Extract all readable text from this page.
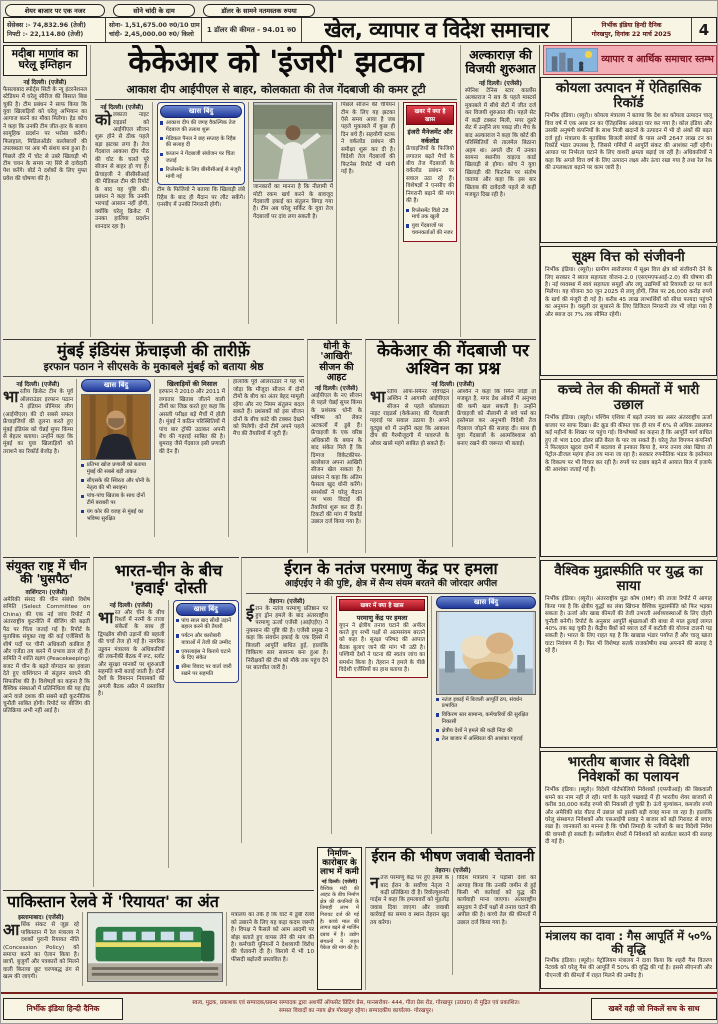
शेयर बाजार पर एक नजर	सोने चांदी के दाम	डॉलर के सामने नतमस्तक रुपया
सेंसेक्स :- 74,832.96 (तेजी)
निफ्टी :- 22,114.80 (तेजी)
सोना- 1,51,675.00 रु0/10 ग्राम
चांदी- 2,45,000.00 रु0/ किलो
1 डॉलर की कीमत - 94.01 रु0	खेल, व्यापार व विदेश समाचार	निर्भीक इंडिया हिन्दी दैनिक
गोरखपुर, दिनांक 22 मार्च 2025	4
मदीबा माणांव का घरेलू इम्तिहान
नई दिल्ली। (एजेंसी)
फैसलाबाद स्पोर्ट्स सिटी के न्यू इंटरनेशनल स्टेडियम में घरेलू सीरीज की बिसात बिछ चुकी है। टीम प्रबंधन ने साफ किया कि युवा खिलाड़ियों को घरेलू अभियान का आगाज करने का मौका मिलेगा। हेड कोच ने कहा कि उनकी टीम जीत-हार के बजाय सामूहिक प्रदर्शन पर भरोसा करेगी। फिलहाल, मिडिलऑर्डर बल्लेबाजों की उपलब्धता पर अब भी संशय बना हुआ है। पिछले दौरे में चोट से उबरे खिलाड़ी भी टीम चयन के समय नए सिरे से दावेदारी पेश करेंगे। बोर्ड ने दर्शकों के लिए मुफ्त प्रवेश की घोषणा की है।
केकेआर को 'इंजरी' झटका
आकाश दीप आईपीएल से बाहर, कोलकाता की तेज गेंदबाजी की कमर टूटी
नई दिल्ली। (एजेंसी)
कोलकाता नाइट राइडर्स को आईपीएल सीजन शुरू होने से ठीक पहले बड़ा झटका लगा है। तेज गेंदबाज आकाश दीप पीठ की चोट के चलते पूरे सीजन से बाहर हो गए हैं। फ्रेंचाइजी ने बीसीसीआई की मेडिकल टीम की रिपोर्ट के बाद यह पुष्टि की। प्रबंधन ने कहा कि उनकी भरपाई आसान नहीं होगी, क्योंकि घरेलू क्रिकेट में उनका हालिया प्रदर्शन शानदार रहा है।
खास बिंदु
आकाश दीप की जगह वैकल्पिक तेज गेंदबाज की तलाश शुरू
मेडिकल पैनल ने छह सप्ताह के रिहैब की सलाह दी
कप्तान ने गेंदबाजी संयोजन पर चिंता जताई
रिप्लेसमेंट के लिए बीसीसीआई से मंजूरी मांगी गई
टीम के फिजियो ने बताया कि खिलाड़ी लंबे रिहैब के बाद ही मैदान पर लौट सकेंगे। एनसीए में उनकी निगरानी होगी।
जानकारों का मानना है कि नीलामी में मोटी रकम खर्च करने के बावजूद गेंदबाजी इकाई का संतुलन बिगड़ गया है। टीम अब घरेलू सर्किट के युवा तेज गेंदबाजों पर दांव लगा सकती है।
पिछले सीजन की चैंपियन टीम के लिए यह झटका ऐसे समय आया है जब पहले मुकाबले में कुछ ही दिन बचे हैं। सहयोगी स्टाफ ने वर्कलोड प्रबंधन की समीक्षा शुरू कर दी है। विदेशी तेज गेंदबाजों की फिटनेस रिपोर्ट भी मांगी गई है।
खबर में क्या है खास
इंजरी मैनेजमेंट और वर्कलोड
फ्रेंचाइजियों के फिजियो लगातार बढ़ते मैचों के बीच तेज गेंदबाजों के वर्कलोड प्रबंधन पर सवाल उठा रहे हैं। विशेषज्ञों ने एनसीए की निगरानी बढ़ाने की मांग की है।
रिप्लेसमेंट विंडो 28 मार्च तक खुली
युवा गेंदबाजों पर चयनकर्ताओं की नजर
अल्काराज़ की विजयी शुरुआत
नई दिल्ली। (एजेंसी)
स्पेनिश टेनिस स्टार कार्लोस अल्काराज ने सत्र के पहले मास्टर्स मुकाबले में सीधे सेटों में जीत दर्ज कर विजयी शुरुआत की। पहले सेट में कड़ी टक्कर मिली, मगर दूसरे सेट में उन्होंने लय पकड़ ली। मैच के बाद अल्काराज ने कहा कि कोर्ट की परिस्थितियों से तालमेल बिठाना अहम था। अगले दौर में उनका सामना स्थानीय वाइल्ड कार्ड खिलाड़ी से होगा। कोच ने युवा खिलाड़ी की फिटनेस पर संतोष जताया और कहा कि इस बार खिताब की दावेदारी पहले से कहीं मजबूत दिख रही है।
व्यापार व आर्थिक समाचार स्तम्भ
कोयला उत्पादन में ऐतिहासिक रिकॉर्ड
निर्भीक इंडिया। (ब्यूरो)। कोयला मंत्रालय ने बताया कि देश का कोयला उत्पादन चालू वित्त वर्ष में एक अरब टन का ऐतिहासिक आंकड़ा पार कर गया है। कोल इंडिया और उसकी अनुषंगी कंपनियों के साथ निजी खदानों के उत्पादन में भी दो अंकों की बढ़त दर्ज हुई। मंत्रालय के मुताबिक बिजली संयंत्रों के पास अभी 2647 लाख टन का रिकॉर्ड भंडार उपलब्ध है, जिससे गर्मियों में आपूर्ति संकट की आशंका नहीं रहेगी। आयात पर निर्भरता घटाने के लिए वाशरी क्षमता बढ़ाई जा रही है। अधिकारियों ने कहा कि अगले वित्त वर्ष के लिए उत्पादन लक्ष्य और ऊंचा रखा गया है तथा रेल रेक की उपलब्धता बढ़ाने पर काम जारी है।
सूक्ष्म वित्त को संजीवनी
निर्भीक इंडिया। (ब्यूरो)। ग्रामीण स्वरोजगार में सूक्ष्म वित्त क्षेत्र को संजीवनी देने के लिए सरकार ने ब्याज सहायता योजना-2.0 (एसएमएफआई-2.0) की घोषणा की है। नई व्यवस्था में स्वयं सहायता समूहों और लघु उद्यमियों को रियायती दर पर कर्ज मिलेगा। यह योजना 30 जून 2025 से लागू होगी, जिस पर 26,000 करोड़ रुपये के खर्च की मंजूरी दी गई है। करीब 45 लाख लाभार्थियों को सीधा फायदा पहुंचने का अनुमान है। वसूली दर सुधारने के लिए डिजिटल निगरानी तंत्र भी जोड़ा गया है और ब्याज दर 7% तक सीमित रहेगी।
कच्चे तेल की कीमतों में भारी उछाल
निर्भीक इंडिया। (ब्यूरो)। पश्चिम एशिया में बढ़ते तनाव का असर अंतरराष्ट्रीय ऊर्जा बाजार पर साफ दिखा। ब्रेंट क्रूड की कीमत एक ही सत्र में 6% से अधिक उछलकर कई महीनों के शिखर पर पहुंच गई। विश्लेषकों का कहना है कि आपूर्ति मार्ग बाधित हुए तो भाव 100 डॉलर प्रति बैरल के पार जा सकते हैं। घरेलू तेल विपणन कंपनियों ने फिलहाल खुदरा दामों में बदलाव से इनकार किया है, मगर तनाव लंबा खिंचा तो पेट्रोल-डीजल महंगा होना तय माना जा रहा है। सरकार रणनीतिक भंडार के इस्तेमाल के विकल्प पर भी विचार कर रही है। रुपये पर दबाव बढ़ने से आयात बिल में इजाफे की आशंका जताई गई है।
वैश्विक मुद्रास्फीति पर युद्ध का साया
निर्भीक इंडिया। (ब्यूरो)। अंतरराष्ट्रीय मुद्रा कोष (IMF) की ताजा रिपोर्ट में आगाह किया गया है कि क्षेत्रीय युद्धों का लंबा खिंचना वैश्विक मुद्रास्फीति को फिर भड़का सकता है। ऊर्जा और खाद्य कीमतों की तेजी उभरती अर्थव्यवस्थाओं के लिए दोहरी चुनौती बनेगी। रिपोर्ट के अनुसार आपूर्ति श्रृंखलाओं की बाधा से माल ढुलाई लागत 40% तक बढ़ चुकी है। केंद्रीय बैंकों को ब्याज दरों में कटौती की योजना टालनी पड़ सकती है। भारत के लिए राहत यह है कि खाद्यान्न भंडार पर्याप्त हैं और चालू खाता घाटा नियंत्रण में है। फिर भी विशेषज्ञ सतर्क राजकोषीय रुख अपनाने की सलाह दे रहे हैं।
भारतीय बाजार से विदेशी निवेशकों का पलायन
निर्भीक इंडिया। (ब्यूरो)। विदेशी पोर्टफोलियो निवेशकों (एफपीआई) की बिकवाली थमने का नाम नहीं ले रही। मार्च के पहले पखवाड़े में ही भारतीय शेयर बाजारों से करीब 30,000 करोड़ रुपये की निकासी हो चुकी है। ऊंचे मूल्यांकन, कमजोर रुपये और अमेरिकी बांड यील्ड में उछाल को इसकी बड़ी वजह माना जा रहा है। हालांकि घरेलू संस्थागत निवेशकों और एसआईपी प्रवाह ने बाजार को बड़ी गिरावट से बचाए रखा है। जानकारों का मानना है कि चौथी तिमाही के नतीजों के बाद विदेशी निवेश की वापसी हो सकती है। स्मॉलकैप शेयरों में निवेशकों को सतर्कता बरतने की सलाह दी गई है।
मंत्रालय का दावा : गैस आपूर्ति में ५०% की वृद्धि
निर्भीक इंडिया। (ब्यूरो)। पेट्रोलियम मंत्रालय ने दावा किया कि शहरी गैस वितरण नेटवर्क को घरेलू गैस की आपूर्ति में 50% की वृद्धि की गई है। इससे सीएनजी और पीएनजी की कीमतों में राहत मिलने की उम्मीद है।
मुंबई इंडियंस फ्रेंचाइजी की तारीफ़ें
इरफान पठान ने सीएसके के मुकाबले मुंबई को बताया श्रेष्ठ
नई दिल्ली। (एजेंसी)
भारतीय क्रिकेट टीम के पूर्व ऑलराउंडर इरफान पठान ने इंडियन प्रीमियर लीग (आईपीएल) की दो सबसे सफल फ्रेंचाइजियों की तुलना करते हुए मुंबई इंडियंस को चेन्नई सुपर किंग्स से बेहतर बताया। उन्होंने कहा कि मुंबई का युवा खिलाड़ियों को तराशने का रिकॉर्ड बेजोड़ है।
खास बिंदु
प्रतिभा खोज प्रणाली को बताया मुंबई की सबसे बड़ी ताकत
सीएसके की स्थिरता और धोनी के नेतृत्व की भी सराहना
पांच-पांच खिताब के साथ दोनों टीमें बराबरी पर
यंग कोर की वजह से मुंबई का भविष्य सुरक्षित
खिलाड़ियों की मिसाल
इरफान ने 2010 और 2011 में लगातार खिताब जीतने वाली टीमों का जिक्र करते हुए कहा कि असली परीक्षा बड़े मैचों में होती है। मुंबई ने कठिन परिस्थितियों में पांच बार ट्रॉफी उठाकर अपनी बेंच की गहराई साबित की है। बुमराह जैसे गेंदबाज इसी प्रणाली की देन हैं।
हालांकि पूर्व ऑलराउंडर ने यह भी जोड़ा कि मौजूदा सीजन में दोनों टीमों के बीच का अंतर बेहद मामूली रहेगा और नए नियम संतुलन बदल सकते हैं। प्रशंसकों को इस सीजन दोनों के बीच कांटे की टक्कर देखने को मिलेगी। दोनों टीमें अपने पहले मैच की तैयारियों में जुटी हैं।
धोनी के 'आखिरी' सीजन की आहट
नई दिल्ली। (एजेंसी)
आईपीएल के नए सीजन से पहले चेन्नई सुपर किंग्स के प्रशंसक धोनी के भविष्य को लेकर अटकलों में डूबे हैं। फ्रेंचाइजी के एक वरिष्ठ अधिकारी के बयान के बाद संकेत मिले हैं कि दिग्गज विकेटकीपर-बल्लेबाज अपना आखिरी सीजन खेल सकता है। प्रबंधन ने कहा कि अंतिम फैसला खुद धोनी करेंगे। समर्थकों ने घरेलू मैदान पर भव्य विदाई की तैयारियां शुरू कर दी हैं। टिकटों की मांग में रिकॉर्ड उछाल दर्ज किया गया है।
केकेआर की गेंदबाजी पर अश्विन का प्रश्न
नई दिल्ली। (एजेंसी)
भारतीय ऑफ-स्पिनर रविचंद्रन अश्विन ने आगामी आईपीएल सीजन से पहले कोलकाता नाइट राइडर्स (केकेआर) की गेंदबाजी गहराई पर सवाल उठाया है। अपने यूट्यूब शो में उन्होंने कहा कि आकाश दीप की गैरमौजूदगी में पावरप्ले के ओवर खासे महंगे साबित हो सकते हैं।
अश्विन ने कहा कि स्पिन जोड़ी तो मजबूत है, मगर डेथ ओवरों में अनुभव की कमी खल सकती है। उन्होंने फ्रेंचाइजी को नीलामी से बचे पर्स का इस्तेमाल कर अनुभवी विदेशी तेज गेंदबाज जोड़ने की सलाह दी। साथ ही युवा गेंदबाजों के आत्मविश्वास को बनाए रखने की जरूरत भी बताई।
संयुक्त राष्ट्र में चीन की 'घुसपैठ'
वाशिंगटन। (एजेंसी)
अमेरिकी संसद की चीन संबंधी विशेष समिति (Select Committee on China) की एक नई जांच रिपोर्ट में अंतरराष्ट्रीय कूटनीति में बीजिंग की बढ़ती पैठ पर चिंता जताई गई है। रिपोर्ट के मुताबिक संयुक्त राष्ट्र की कई एजेंसियों के शीर्ष पदों पर चीनी अधिकारी काबिज हैं और एजेंडा तय करने में प्रभाव डाल रहे हैं। समिति ने शांति रक्षण (Peacekeeping) बजट में चीन के बढ़ते योगदान का हवाला देते हुए वाशिंगटन से संतुलन साधने की सिफारिश की है। विशेषज्ञों का कहना है कि वैश्विक संस्थाओं में प्रतिनिधित्व की यह होड़ आने वाले दशक की सबसे बड़ी कूटनीतिक चुनौती साबित होगी। रिपोर्ट पर बीजिंग की प्रतिक्रिया अभी नहीं आई है।
भारत-चीन के बीच 'हवाई' दोस्ती
नई दिल्ली। (एजेंसी)
भारत और चीन के बीच रिश्तों में नरमी के ताजा संकेतों के साथ ही द्विपक्षीय सीधी उड़ानों की बहाली की चर्चा तेज हो गई है। नागरिक उड्डयन मंत्रालय के अधिकारियों की तकनीकी बैठक में रूट, स्लॉट और सुरक्षा मानकों पर शुरुआती सहमति बनी बताई जाती है। दोनों देशों के विमानन नियामकों की अगली बैठक अप्रैल में प्रस्तावित है।
खास बिंदु
पांच साल बाद सीधी उड़ानें बहाल करने की तैयारी
पर्यटन और कारोबारी यात्राओं में तेजी की उम्मीद
एयरलाइंस ने किराये घटाने के दिए संकेत
सीमा विवाद पर वार्ता जारी रखने पर सहमति
ईरान के नतंज परमाणु केंद्र पर हमला
आईएईए ने की पुष्टि, क्षेत्र में सैन्य संयम बरतने की जोरदार अपील
तेहरान। (एजेंसी)
ईरान के नतंज परमाणु प्रतिष्ठान पर हुए ड्रोन हमले के बाद अंतरराष्ट्रीय परमाणु ऊर्जा एजेंसी (आईएईए) ने नुकसान की पुष्टि की है। एजेंसी प्रमुख ने कहा कि संवर्धन इकाई के एक हिस्से में बिजली आपूर्ति बाधित हुई, हालांकि विकिरण स्तर सामान्य बना हुआ है। निरीक्षकों की टीम को मौके तक पहुंच देने पर बातचीत जारी है।
खबर में क्या है खास
परमाणु केंद्र पर हमला
यूएन ने क्षेत्रीय तनाव घटाने की अपील करते हुए सभी पक्षों से आत्मसंयम बरतने को कहा है। सुरक्षा परिषद की आपात बैठक बुलाए जाने की मांग भी उठी है। पश्चिमी देशों ने घटना की स्वतंत्र जांच का समर्थन किया है। तेहरान ने हमले के पीछे विदेशी एजेंसियों का हाथ बताया है।
खास बिंदु
नतंज इकाई में बिजली आपूर्ति ठप, संवर्धन प्रभावित
विकिरण स्तर सामान्य, कर्मचारियों की सुरक्षित निकासी
क्षेत्रीय देशों ने हमले की कड़ी निंदा की
तेल बाजार में अस्थिरता की आशंका गहराई
पाकिस्तान रेलवे में 'रियायत' का अंत
इस्लामाबाद। (एजेंसी)
आर्थिक संकट से जूझ रहे पाकिस्तान में रेल मंत्रालय ने दशकों पुरानी रियायत नीति (Concession Policy) को समाप्त करने का ऐलान किया है। छात्रों, बुजुर्गों और पत्रकारों को मिलने वाली किराया छूट चरणबद्ध ढंग से खत्म की जाएगी।
मंत्रालय का तर्क है कि घाटे में डूबी रेलवे को उबारने के लिए यह कड़ा कदम जरूरी है। विपक्ष ने फैसले को आम आदमी पर बोझ बताते हुए वापस लेने की मांग की है। कर्मचारी यूनियनों ने देशव्यापी विरोध की चेतावनी दी है। किराये में भी 10 फीसदी बढ़ोतरी प्रस्तावित है।
निर्माण- कारोबार के लाभ में कमी
नई दिल्ली। (एजेंसी)
वैश्विक मंदी की आहट के बीच निर्माण क्षेत्र की कंपनियों के तिमाही लाभ में गिरावट दर्ज की गई है। कच्चे माल की लागत बढ़ने से मार्जिन दबाव में है। उद्योग संगठनों ने राहत पैकेज की मांग की है।
ईरान की भीषण जवाबी चेतावनी
तेहरान। (एजेंसी)
नतंज परमाणु केंद्र पर हुए हमले के बाद ईरान के सर्वोच्च नेतृत्व ने कड़ी प्रतिक्रिया दी है। रिवोल्यूशनरी गार्ड्स ने कहा कि हमलावरों को मुंहतोड़ जवाब दिया जाएगा और जवाबी कार्रवाई का समय व स्थान तेहरान खुद तय करेगा।
विदेश मंत्रालय ने पड़ोसी देशों को आगाह किया कि उनकी जमीन से हुई किसी भी कार्रवाई को युद्ध की कार्यवाही माना जाएगा। अंतरराष्ट्रीय समुदाय ने दोनों पक्षों से तनाव घटाने की अपील की है। कच्चे तेल की कीमतों में उछाल दर्ज किया गया है।
निर्भीक इंडिया हिन्दी दैनिक
स्वत्व, मुद्रक, प्रकाशक एवं सम्पादक/प्रबन्ध सम्पादक द्वारा अशर्फी ऑफसेट प्रिंटिंग प्रेस, मानसरोवर- 444, गीता प्रेस रोड, गोरखपुर (उ0प्र0) से मुद्रित एवं प्रकाशित।
समस्त विवादों का न्याय क्षेत्र गोरखपुर रहेगा। सम्पादकीय कार्यालय- गोरखपुर।	खबरें वही जो निकलें सच के साथ
